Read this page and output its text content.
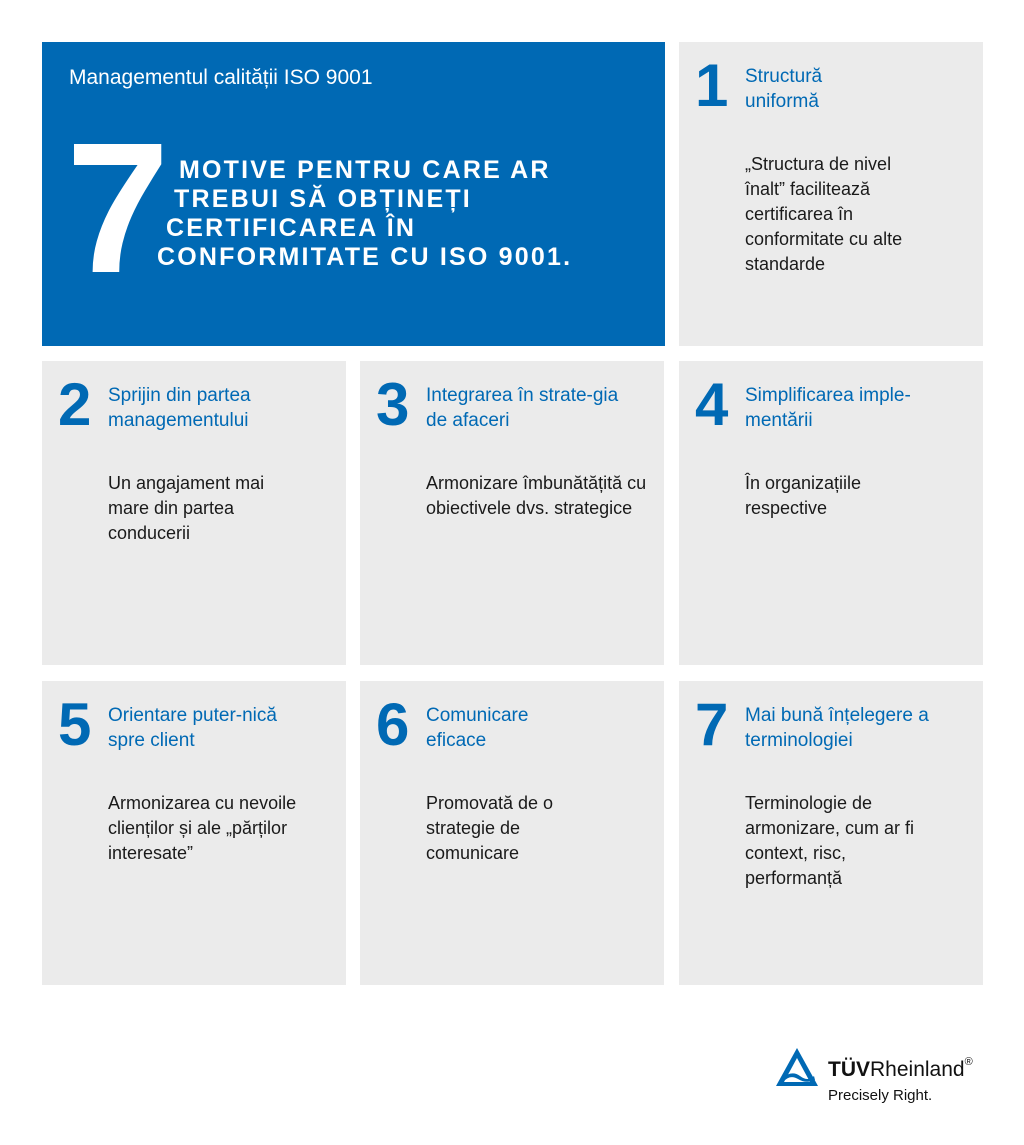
Managementul calității ISO 9001
7 MOTIVE PENTRU CARE AR
TREBUI SĂ OBȚINEȚI
CERTIFICAREA ÎN
CONFORMITATE CU ISO 9001.
1 Structură uniformă
„Structura de nivel înalt” facilitează certificarea în conformitate cu alte standarde
2 Sprijin din partea managementului
Un angajament mai mare din partea conducerii
3 Integrarea în strate-gia de afaceri
Armonizare îmbunătățită cu obiectivele dvs. strategice
4 Simplificarea imple-mentării
În organizațiile respective
5 Orientare puter-nică spre client
Armonizarea cu nevoile clienților și ale „părților interesate”
6 Comunicare eficace
Promovată de o strategie de comunicare
7 Mai bună înțelegere a terminologiei
Terminologie de armonizare, cum ar fi context, risc, performanță
TÜVRheinland®
Precisely Right.
